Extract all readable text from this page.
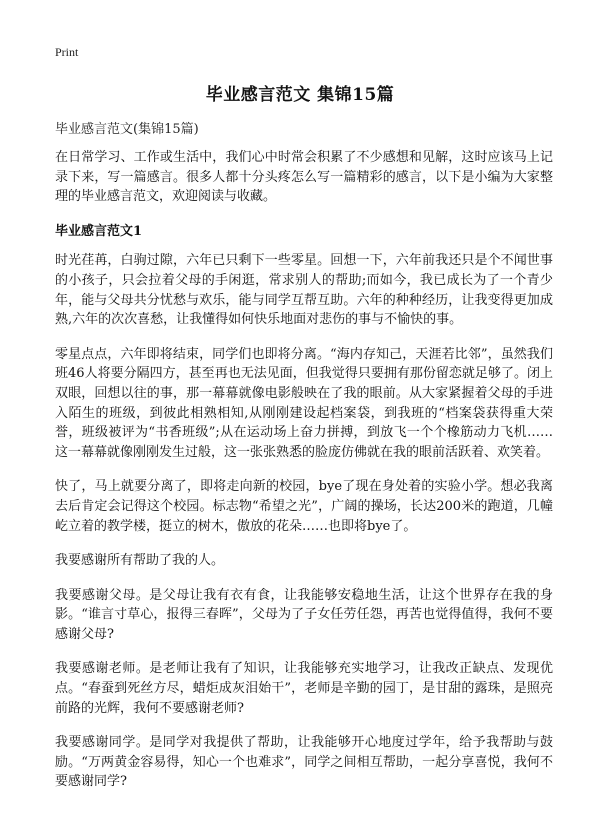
Print
毕业感言范文 集锦15篇
毕业感言范文(集锦15篇)

在日常学习、工作或生活中，我们心中时常会积累了不少感想和见解，这时应该马上记录下来，写一篇感言。很多人都十分头疼怎么写一篇精彩的感言，以下是小编为大家整理的毕业感言范文，欢迎阅读与收藏。

毕业感言范文1

时光荏苒，白驹过隙，六年已只剩下一些零星。回想一下，六年前我还只是个不闻世事的小孩子，只会拉着父母的手闲逛，常求别人的帮助;而如今，我已成长为了一个青少年，能与父母共分忧愁与欢乐，能与同学互帮互助。六年的种种经历，让我变得更加成熟,六年的次次喜愁，让我懂得如何快乐地面对悲伤的事与不愉快的事。

零星点点，六年即将结束，同学们也即将分离。“海内存知己，天涯若比邻”，虽然我们班46人将要分隔四方，甚至再也无法见面，但我觉得只要拥有那份留恋就足够了。闭上双眼，回想以往的事，那一幕幕就像电影般映在了我的眼前。从大家紧握着父母的手进入陌生的班级，到彼此相熟相知,从刚刚建设起档案袋，到我班的“档案袋获得重大荣誉，班级被评为“书香班级”;从在运动场上奋力拼搏，到放飞一个个橡筋动力飞机……这一幕幕就像刚刚发生过般，这一张张熟悉的脸庞仿佛就在我的眼前活跃着、欢笑着。

快了，马上就要分离了，即将走向新的校园，bye了现在身处着的实验小学。想必我离去后肯定会记得这个校园。标志物“希望之光”，广阔的操场，长达200米的跑道，几幢屹立着的教学楼，挺立的树木，傲放的花朵……也即将bye了。

我要感谢所有帮助了我的人。

我要感谢父母。是父母让我有衣有食，让我能够安稳地生活，让这个世界存在我的身影。“谁言寸草心，报得三春晖”，父母为了子女任劳任怨，再苦也觉得值得，我何不要感谢父母?

我要感谢老师。是老师让我有了知识，让我能够充实地学习，让我改正缺点、发现优点。“春蚕到死丝方尽，蜡炬成灰泪始干”，老师是辛勤的园丁，是甘甜的露珠，是照亮前路的光辉，我何不要感谢老师?

我要感谢同学。是同学对我提供了帮助，让我能够开心地度过学年，给予我帮助与鼓励。“万两黄金容易得，知心一个也难求”，同学之间相互帮助，一起分享喜悦，我何不要感谢同学?
